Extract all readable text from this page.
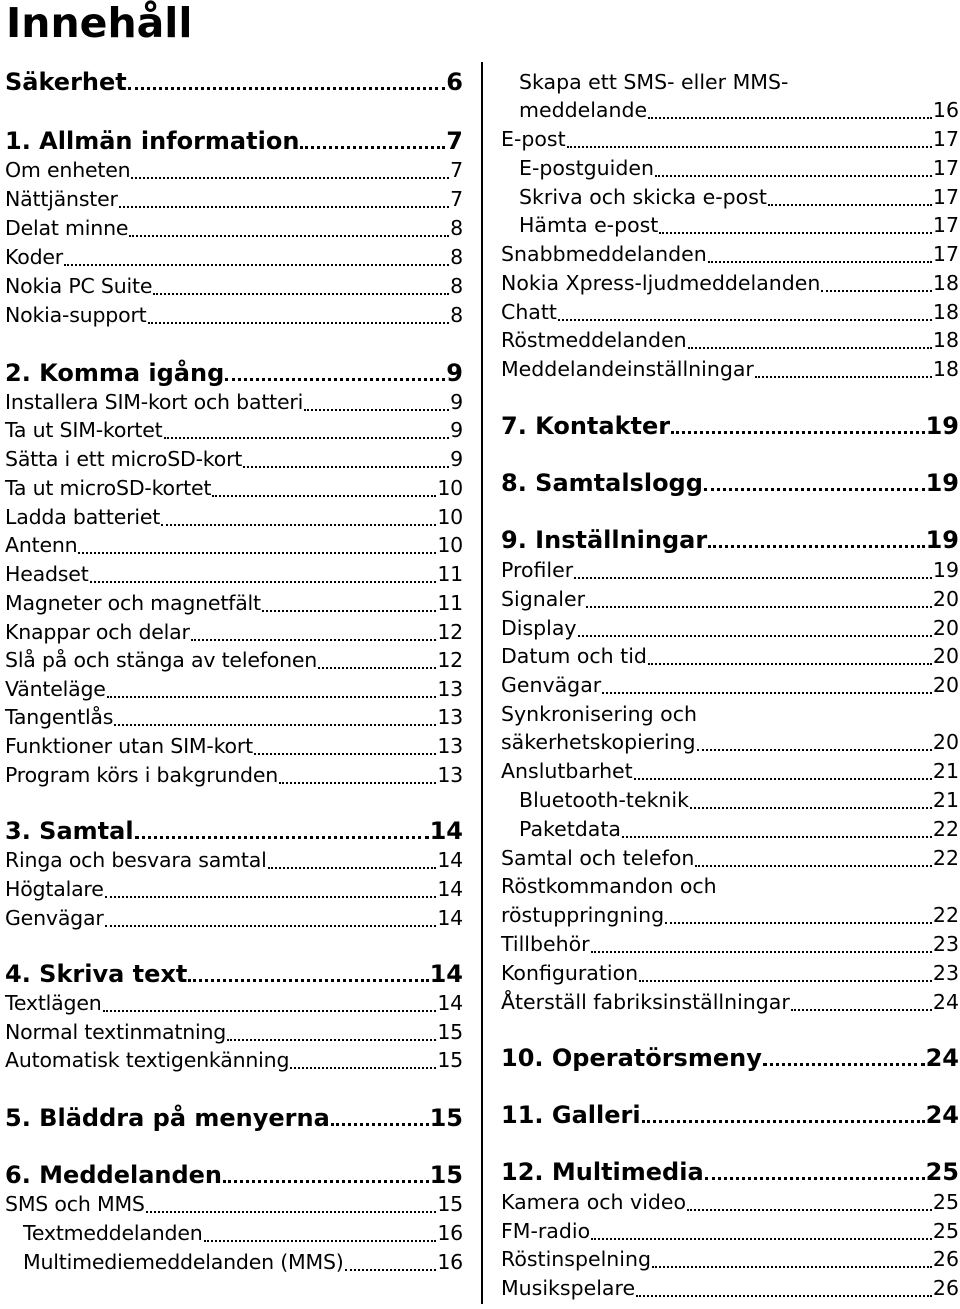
Innehåll
Säkerhet	6
1. Allmän information	7
Om enheten	7
Nättjänster	7
Delat minne	8
Koder	8
Nokia PC Suite	8
Nokia-support	8
2. Komma igång	9
Installera SIM-kort och batteri	9
Ta ut SIM-kortet	9
Sätta i ett microSD-kort	9
Ta ut microSD-kortet	10
Ladda batteriet	10
Antenn	10
Headset	11
Magneter och magnetfält	11
Knappar och delar	12
Slå på och stänga av telefonen	12
Vänteläge	13
Tangentlås	13
Funktioner utan SIM-kort	13
Program körs i bakgrunden	13
3. Samtal	14
Ringa och besvara samtal	14
Högtalare	14
Genvägar	14
4. Skriva text	14
Textlägen	14
Normal textinmatning	15
Automatisk textigenkänning	15
5. Bläddra på menyerna	15
6. Meddelanden	15
SMS och MMS	15
Textmeddelanden	16
Multimediemeddelanden (MMS)	16
Skapa ett SMS- eller MMS-
meddelande	16
E-post	17
E-postguiden	17
Skriva och skicka e-post	17
Hämta e-post	17
Snabbmeddelanden	17
Nokia Xpress-ljudmeddelanden	18
Chatt	18
Röstmeddelanden	18
Meddelandeinställningar	18
7. Kontakter	19
8. Samtalslogg	19
9. Inställningar	19
Profiler	19
Signaler	20
Display	20
Datum och tid	20
Genvägar	20
Synkronisering och
säkerhetskopiering	20
Anslutbarhet	21
Bluetooth-teknik	21
Paketdata	22
Samtal och telefon	22
Röstkommandon och
röstuppringning	22
Tillbehör	23
Konfiguration	23
Återställ fabriksinställningar	24
10. Operatörsmeny	24
11. Galleri	24
12. Multimedia	25
Kamera och video	25
FM-radio	25
Röstinspelning	26
Musikspelare	26
